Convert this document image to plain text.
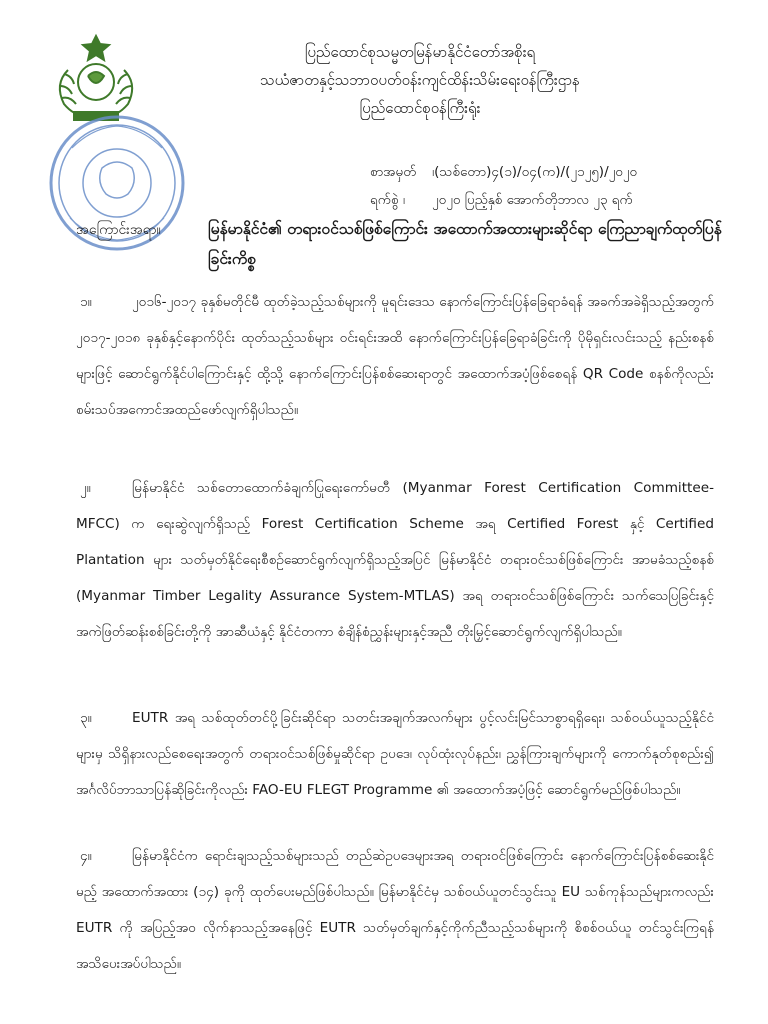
ပြည်ထောင်စုသမ္မတမြန်မာနိုင်ငံတော်အစိုးရ
သယံဇာတနှင့်သဘာဝပတ်ဝန်းကျင်ထိန်းသိမ်းရေးဝန်ကြီးဌာန
ပြည်ထောင်စုဝန်ကြီးရုံး
စာအမှတ်	၊(သစ်တော)၄(၁)/၀၄(က)/(၂၁၂၅)/၂၀၂၀
ရက်စွဲ ၊	၂၀၂၀ ပြည့်နှစ် အောက်တိုဘာလ ၂၃ ရက်
အကြောင်းအရာ။	မြန်မာနိုင်ငံ၏ တရားဝင်သစ်ဖြစ်ကြောင်း အထောက်အထားများဆိုင်ရာ ကြေညာချက်ထုတ်ပြန်ခြင်းကိစ္စ
၁။	၂၀၁၆-၂၀၁၇ ခုနှစ်မတိုင်မီ ထုတ်ခဲ့သည့်သစ်များကို မူရင်းဒေသ နောက်ကြောင်းပြန်ခြေရာခံရန် အခက်အခဲရှိသည့်အတွက် ၂၀၁၇-၂၀၁၈ ခုနှစ်နှင့်နောက်ပိုင်း ထုတ်သည့်သစ်များ ဝင်းရင်းအထိ နောက်ကြောင်းပြန်ခြေရာခံခြင်းကို ပိုမိုရှင်းလင်းသည့် နည်းစနစ်များဖြင့် ဆောင်ရွက်နိုင်ပါကြောင်းနှင့် ထို့သို့ နောက်ကြောင်းပြန်စစ်ဆေးရာတွင် အထောက်အပံ့ဖြစ်စေရန် QR Code စနစ်ကိုလည်း စမ်းသပ်အကောင်အထည်ဖော်လျက်ရှိပါသည်။
၂။	မြန်မာနိုင်ငံ သစ်တောထောက်ခံချက်ပြုရေးကော်မတီ (Myanmar Forest Certification Committee-MFCC) က ရေးဆွဲလျက်ရှိသည့် Forest Certification Scheme အရ Certified Forest နှင့် Certified Plantation များ သတ်မှတ်နိုင်ရေးစီစဉ်ဆောင်ရွက်လျက်ရှိသည့်အပြင် မြန်မာနိုင်ငံ တရားဝင်သစ်ဖြစ်ကြောင်း အာမခံသည့်စနစ် (Myanmar Timber Legality Assurance System-MTLAS) အရ တရားဝင်သစ်ဖြစ်ကြောင်း သက်သေပြခြင်းနှင့် အကဲဖြတ်ဆန်းစစ်ခြင်းတို့ကို အာဆီယံနှင့် နိုင်ငံတကာ စံချိန်စံညွှန်းများနှင့်အညီ တိုးမြှင့်ဆောင်ရွက်လျက်ရှိပါသည်။
၃။	EUTR အရ သစ်ထုတ်တင်ပို့ခြင်းဆိုင်ရာ သတင်းအချက်အလက်များ ပွင့်လင်းမြင်သာစွာရရှိရေး၊ သစ်ဝယ်ယူသည့်နိုင်ငံများမှ သိရှိနားလည်စေရေးအတွက် တရားဝင်သစ်ဖြစ်မှုဆိုင်ရာ ဥပဒေ၊ လုပ်ထုံးလုပ်နည်း၊ ညွှန်ကြားချက်များကို ကောက်နုတ်စုစည်း၍ အင်္ဂလိပ်ဘာသာပြန်ဆိုခြင်းကိုလည်း FAO-EU FLEGT Programme ၏ အထောက်အပံ့ဖြင့် ဆောင်ရွက်မည်ဖြစ်ပါသည်။
၄။	မြန်မာနိုင်ငံက ရောင်းချသည့်သစ်များသည် တည်ဆဲဥပဒေများအရ တရားဝင်ဖြစ်ကြောင်း နောက်ကြောင်းပြန်စစ်ဆေးနိုင်မည့် အထောက်အထား (၁၄) ခုကို ထုတ်ပေးမည်ဖြစ်ပါသည်။ မြန်မာနိုင်ငံမှ သစ်ဝယ်ယူတင်သွင်းသူ EU သစ်ကုန်သည်များကလည်း EUTR ကို အပြည့်အဝ လိုက်နာသည့်အနေဖြင့် EUTR သတ်မှတ်ချက်နှင့်ကိုက်ညီသည့်သစ်များကို စိစစ်ဝယ်ယူ တင်သွင်းကြရန် အသိပေးအပ်ပါသည်။
